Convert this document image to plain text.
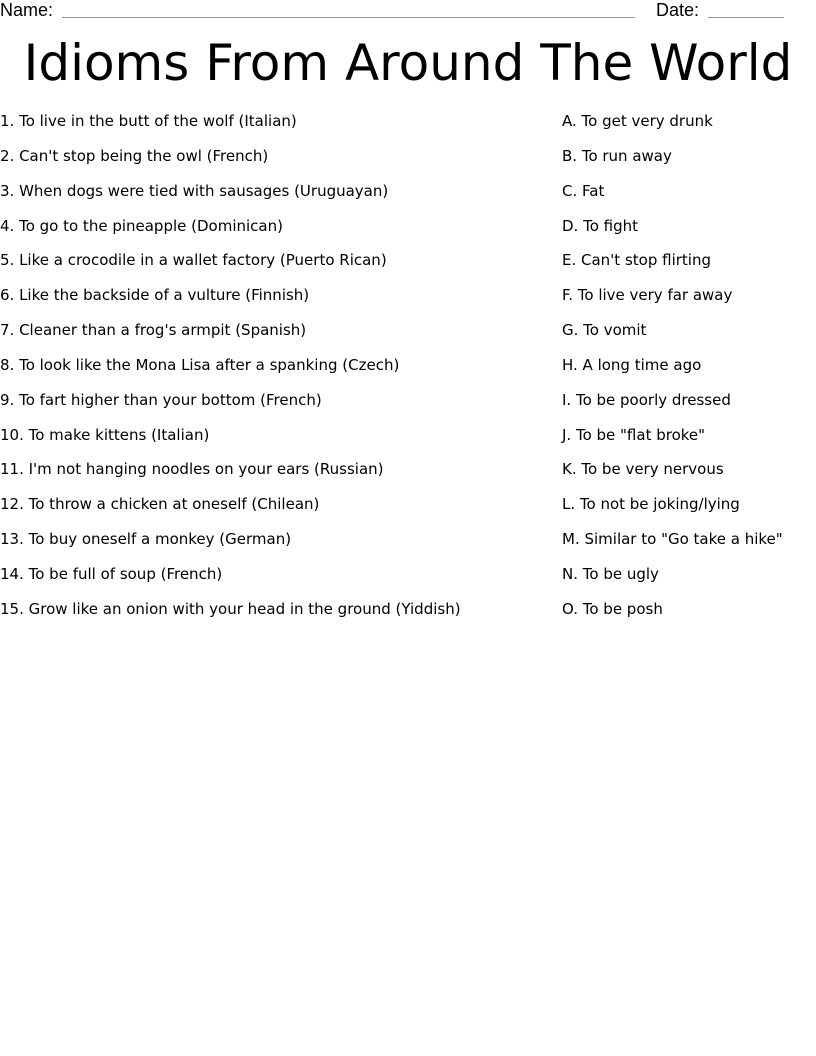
Name:	Date:
Idioms From Around The World
1. To live in the butt of the wolf (Italian)
2. Can't stop being the owl (French)
3. When dogs were tied with sausages (Uruguayan)
4. To go to the pineapple (Dominican)
5. Like a crocodile in a wallet factory (Puerto Rican)
6. Like the backside of a vulture (Finnish)
7. Cleaner than a frog's armpit (Spanish)
8. To look like the Mona Lisa after a spanking (Czech)
9. To fart higher than your bottom (French)
10. To make kittens (Italian)
11. I'm not hanging noodles on your ears (Russian)
12. To throw a chicken at oneself (Chilean)
13. To buy oneself a monkey (German)
14. To be full of soup (French)
15. Grow like an onion with your head in the ground (Yiddish)
A. To get very drunk
B. To run away
C. Fat
D. To fight
E. Can't stop flirting
F. To live very far away
G. To vomit
H. A long time ago
I. To be poorly dressed
J. To be "flat broke"
K. To be very nervous
L. To not be joking/lying
M. Similar to "Go take a hike"
N. To be ugly
O. To be posh
